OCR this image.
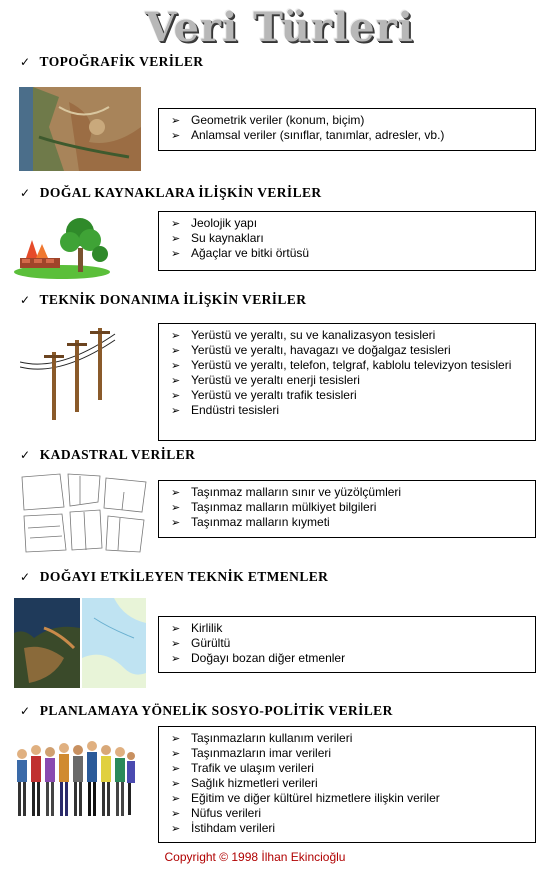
Veri Türleri
✓ TOPOĞRAFİK VERİLER
➢ Geometrik veriler (konum, biçim)
➢ Anlamsal veriler (sınıflar, tanımlar, adresler, vb.)
✓ DOĞAL KAYNAKLARA İLİŞKİN VERİLER
➢ Jeolojik yapı
➢ Su kaynakları
➢ Ağaçlar ve bitki örtüsü
✓ TEKNİK DONANIMA İLİŞKİN VERİLER
➢ Yerüstü ve yeraltı, su ve kanalizasyon tesisleri
➢ Yerüstü ve yeraltı, havagazı ve doğalgaz tesisleri
➢ Yerüstü ve yeraltı, telefon, telgraf, kablolu televizyon tesisleri
➢ Yerüstü ve yeraltı enerji tesisleri
➢ Yerüstü ve yeraltı trafik tesisleri
➢ Endüstri tesisleri
✓ KADASTRAL VERİLER
➢ Taşınmaz malların sınır ve yüzölçümleri
➢ Taşınmaz malların mülkiyet bilgileri
➢ Taşınmaz malların kıymeti
✓ DOĞAYI ETKİLEYEN TEKNİK ETMENLER
➢ Kirlilik
➢ Gürültü
➢ Doğayı bozan diğer etmenler
✓ PLANLAMAYA YÖNELİK SOSYO-POLİTİK VERİLER
➢ Taşınmazların kullanım verileri
➢ Taşınmazların imar verileri
➢ Trafik ve ulaşım verileri
➢ Sağlık hizmetleri verileri
➢ Eğitim ve diğer kültürel hizmetlere ilişkin veriler
➢ Nüfus verileri
➢ İstihdam verileri
Copyright © 1998 İlhan Ekincioğlu
